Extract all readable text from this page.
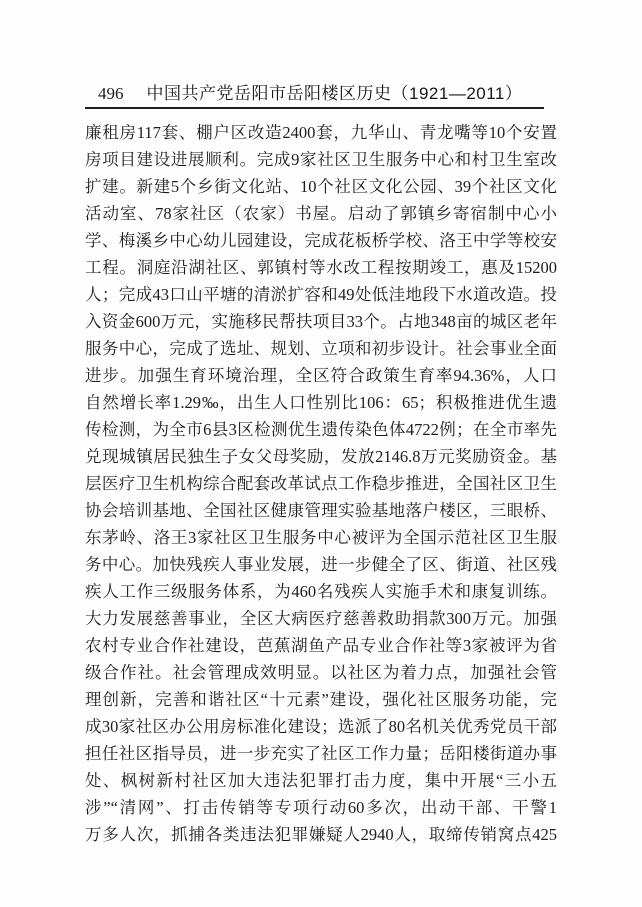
496 中国共产党岳阳市岳阳楼区历史（1921—2011）
廉租房117套、棚户区改造2400套，九华山、青龙嘴等10个安置
房项目建设进展顺利。完成9家社区卫生服务中心和村卫生室改
扩建。新建5个乡街文化站、10个社区文化公园、39个社区文化
活动室、78家社区（农家）书屋。启动了郭镇乡寄宿制中心小
学、梅溪乡中心幼儿园建设，完成花板桥学校、洛王中学等校安
工程。洞庭沿湖社区、郭镇村等水改工程按期竣工，惠及15200
人；完成43口山平塘的清淤扩容和49处低洼地段下水道改造。投
入资金600万元，实施移民帮扶项目33个。占地348亩的城区老年
服务中心，完成了选址、规划、立项和初步设计。社会事业全面
进步。加强生育环境治理，全区符合政策生育率94.36%，人口
自然增长率1.29‰，出生人口性别比106：65；积极推进优生遗
传检测，为全市6县3区检测优生遗传染色体4722例；在全市率先
兑现城镇居民独生子女父母奖励，发放2146.8万元奖励资金。基
层医疗卫生机构综合配套改革试点工作稳步推进，全国社区卫生
协会培训基地、全国社区健康管理实验基地落户楼区，三眼桥、
东茅岭、洛王3家社区卫生服务中心被评为全国示范社区卫生服
务中心。加快残疾人事业发展，进一步健全了区、街道、社区残
疾人工作三级服务体系，为460名残疾人实施手术和康复训练。
大力发展慈善事业，全区大病医疗慈善救助捐款300万元。加强
农村专业合作社建设，芭蕉湖鱼产品专业合作社等3家被评为省
级合作社。社会管理成效明显。以社区为着力点，加强社会管
理创新，完善和谐社区“十元素”建设，强化社区服务功能，完
成30家社区办公用房标准化建设；选派了80名机关优秀党员干部
担任社区指导员，进一步充实了社区工作力量；岳阳楼街道办事
处、枫树新村社区加大违法犯罪打击力度，集中开展“三小五
涉”“清网”、打击传销等专项行动60多次，出动干部、干警1
万多人次，抓捕各类违法犯罪嫌疑人2940人，取缔传销窝点425
